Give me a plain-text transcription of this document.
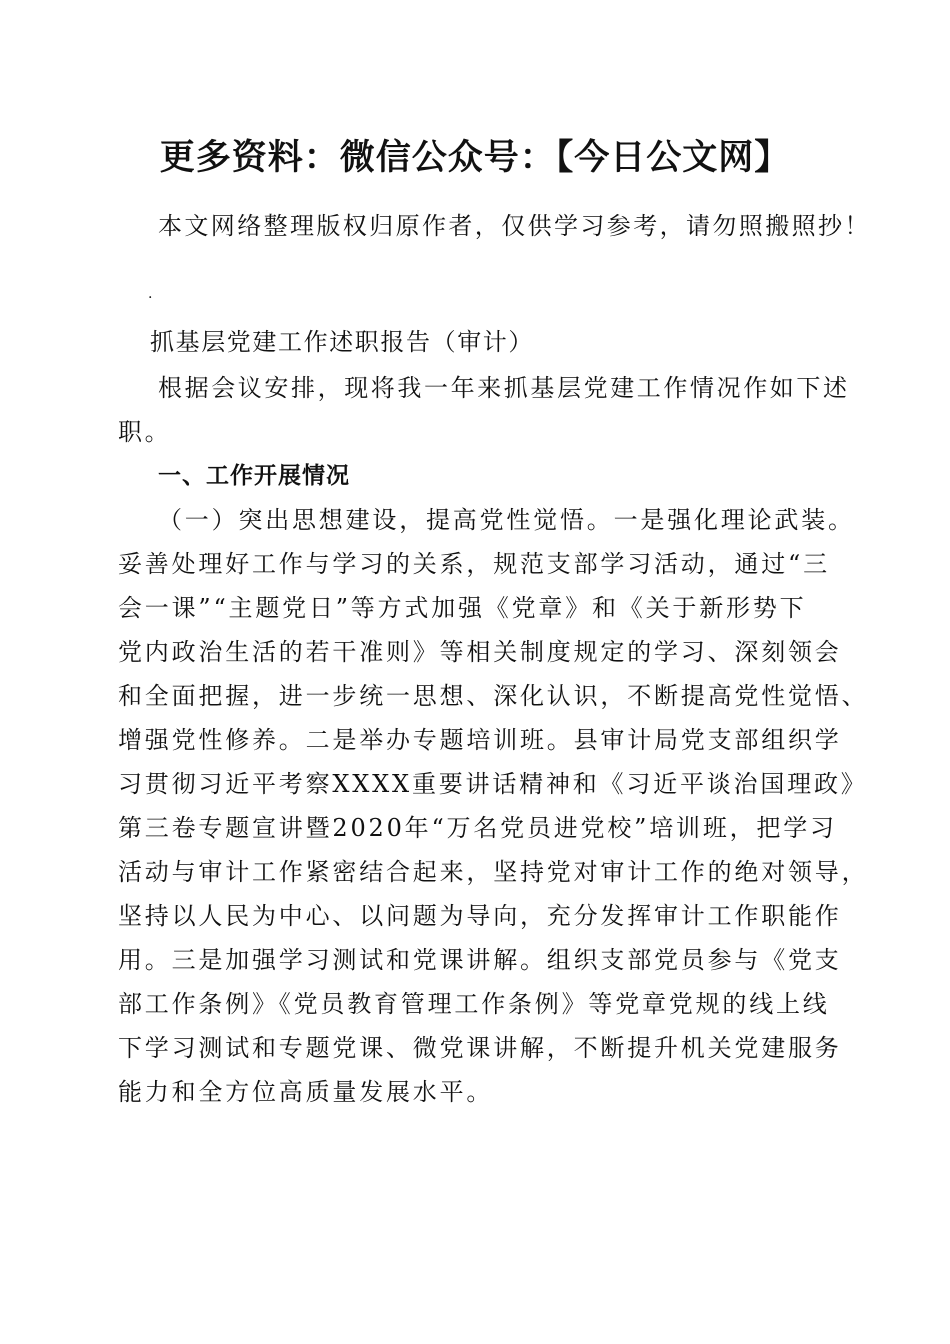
更多资料：微信公众号：【今日公文网】
本文网络整理版权归原作者，仅供学习参考，请勿照搬照抄！
.
抓基层党建工作述职报告（审计）
根据会议安排，现将我一年来抓基层党建工作情况作如下述
职。
一、工作开展情况
（一）突出思想建设，提高党性觉悟。一是强化理论武装。
妥善处理好工作与学习的关系，规范支部学习活动，通过“三
会一课”“主题党日”等方式加强《党章》和《关于新形势下
党内政治生活的若干准则》等相关制度规定的学习、深刻领会
和全面把握，进一步统一思想、深化认识，不断提高党性觉悟、
增强党性修养。二是举办专题培训班。县审计局党支部组织学
习贯彻习近平考察XXXX重要讲话精神和《习近平谈治国理政》
第三卷专题宣讲暨2020年“万名党员进党校”培训班，把学习
活动与审计工作紧密结合起来，坚持党对审计工作的绝对领导，
坚持以人民为中心、以问题为导向，充分发挥审计工作职能作
用。三是加强学习测试和党课讲解。组织支部党员参与《党支
部工作条例》《党员教育管理工作条例》等党章党规的线上线
下学习测试和专题党课、微党课讲解，不断提升机关党建服务
能力和全方位高质量发展水平。
